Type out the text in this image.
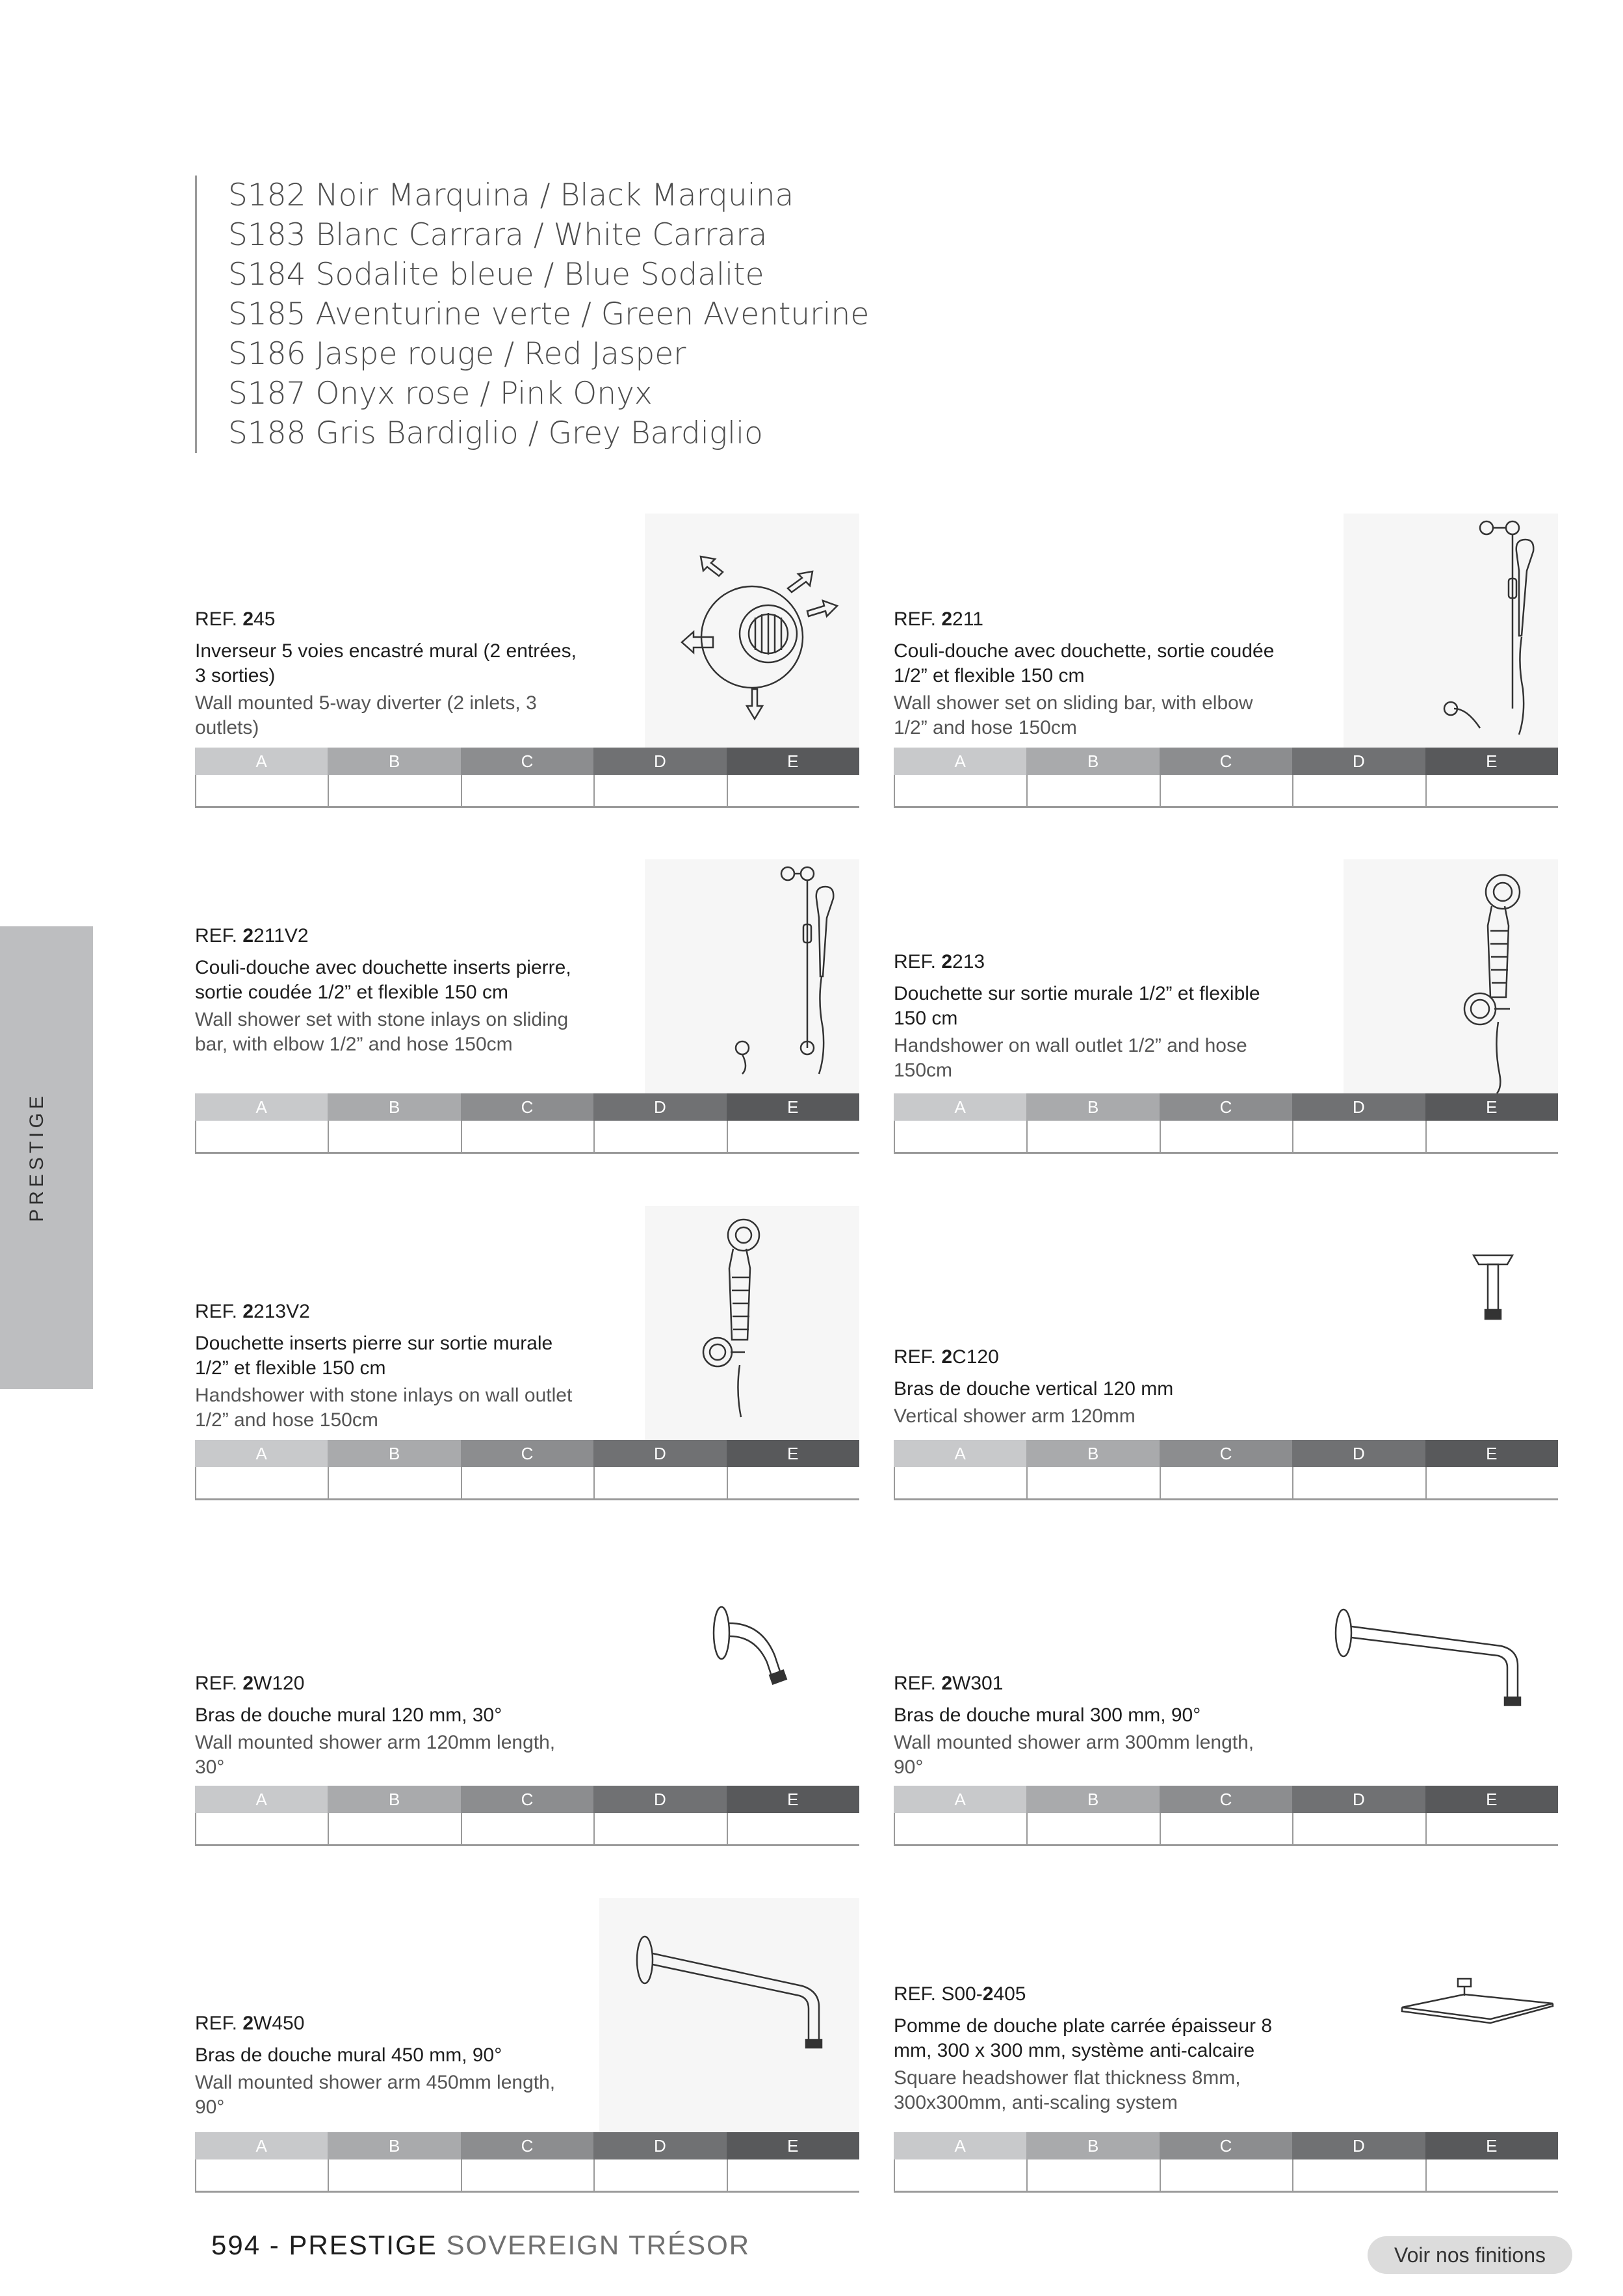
S182 Noir Marquina / Black Marquina
S183 Blanc Carrara / White Carrara
S184 Sodalite bleue / Blue Sodalite
S185 Aventurine verte / Green Aventurine
S186 Jaspe rouge / Red Jasper
S187 Onyx rose / Pink Onyx
S188 Gris Bardiglio / Grey Bardiglio
PRESTIGE
REF. 245
Inverseur 5 voies encastré mural (2 entrées, 3 sorties)
Wall mounted 5-way diverter (2 inlets, 3 outlets)
A	B	C	D	E
REF. 2211
Couli-douche avec douchette, sortie coudée 1/2” et flexible 150 cm
Wall shower set on sliding bar, with elbow 1/2” and hose 150cm
A	B	C	D	E
REF. 2211V2
Couli-douche avec douchette inserts pierre, sortie coudée 1/2” et flexible 150 cm
Wall shower set with stone inlays on sliding bar, with elbow 1/2” and hose 150cm
A	B	C	D	E
REF. 2213
Douchette sur sortie murale 1/2” et flexible 150 cm
Handshower on wall outlet 1/2” and hose 150cm
A	B	C	D	E
REF. 2213V2
Douchette inserts pierre sur sortie murale 1/2” et flexible 150 cm
Handshower with stone inlays on wall outlet 1/2” and hose 150cm
A	B	C	D	E
REF. 2C120
Bras de douche vertical 120 mm
Vertical shower arm 120mm
A	B	C	D	E
REF. 2W120
Bras de douche mural 120 mm, 30°
Wall mounted shower arm 120mm length, 30°
A	B	C	D	E
REF. 2W301
Bras de douche mural 300 mm, 90°
Wall mounted shower arm 300mm length, 90°
A	B	C	D	E
REF. 2W450
Bras de douche mural 450 mm, 90°
Wall mounted shower arm 450mm length, 90°
A	B	C	D	E
REF. S00-2405
Pomme de douche plate carrée épaisseur 8 mm, 300 x 300 mm, système anti-calcaire
Square headshower flat thickness 8mm, 300x300mm, anti-scaling system
A	B	C	D	E
594 - PRESTIGE SOVEREIGN TRÉSOR	Voir nos finitions
